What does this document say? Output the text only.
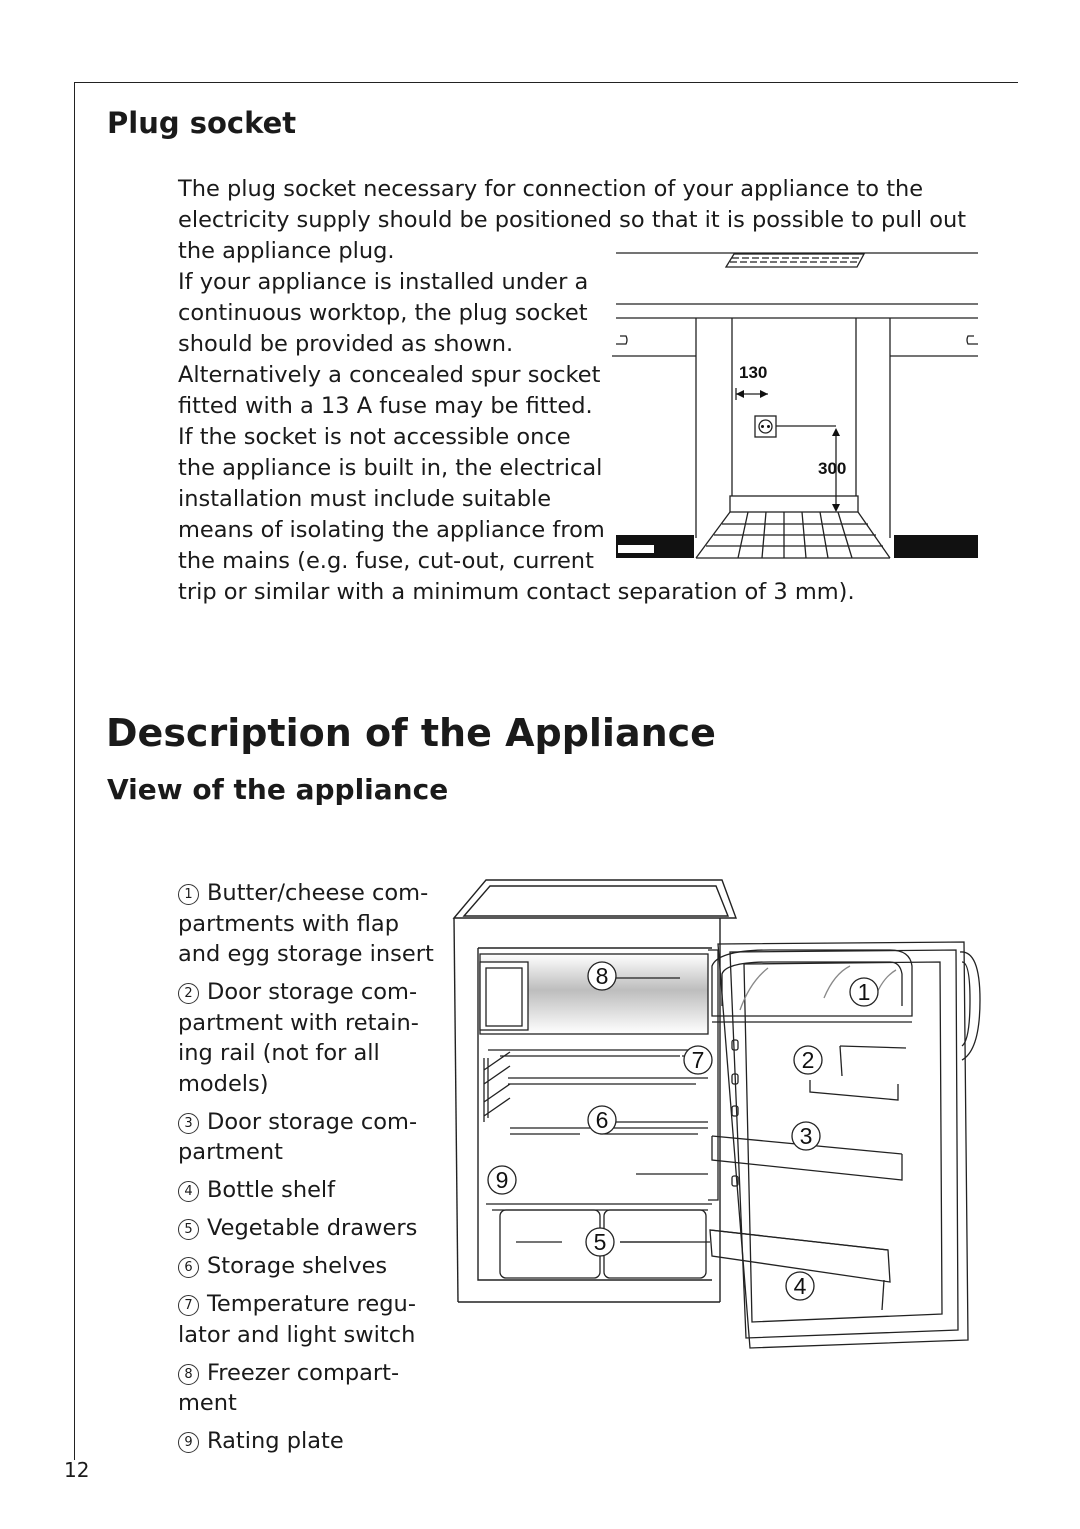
Plug socket
The plug socket necessary for connection of your appliance to the
electricity supply should be positioned so that it is possible to pull out
the appliance plug.
If your appliance is installed under a
continuous worktop, the plug socket
should be provided as shown.
Alternatively a concealed spur socket
fitted with a 13 A fuse may be fitted.
If the socket is not accessible once
the appliance is built in, the electrical
installation must include suitable
means of isolating the appliance from
the mains (e.g. fuse, cut-out, current
trip or similar with a minimum contact separation of 3 mm).
130
300
Description of the Appliance
View of the appliance
1 Butter/cheese com-
partments with flap
and egg storage insert
2 Door storage com-
partment with retain-
ing rail (not for all
models)
3 Door storage com-
partment
4 Bottle shelf
5 Vegetable drawers
6 Storage shelves
7 Temperature regu-
lator and light switch
8 Freezer compart-
ment
9 Rating plate
8
1
7	2
6
3
9
5
4
12
